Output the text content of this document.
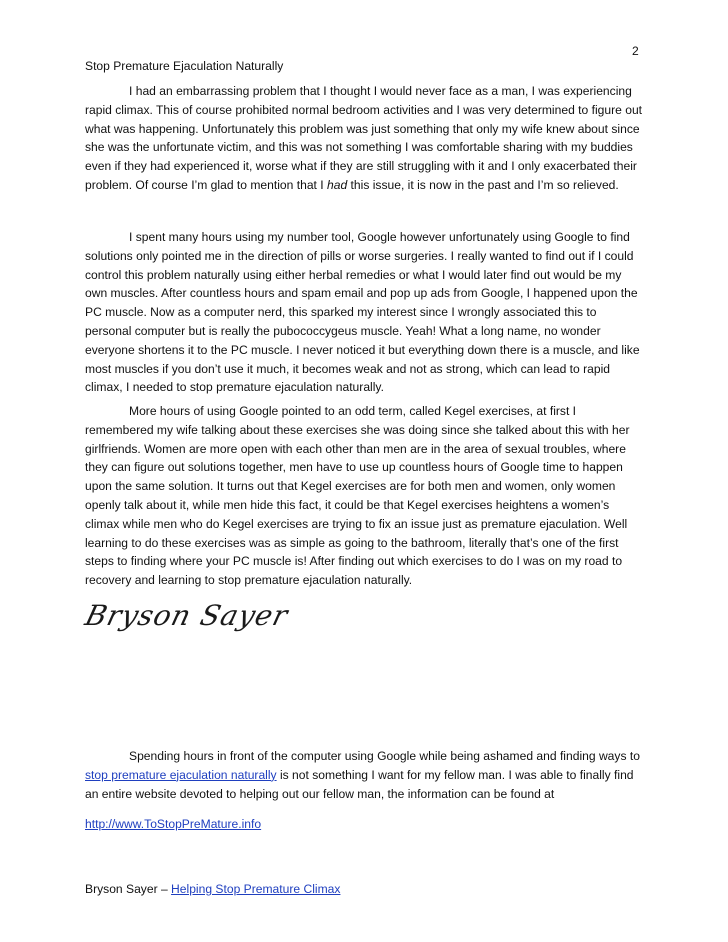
2
Stop Premature Ejaculation Naturally

I had an embarrassing problem that I thought I would never face as a man, I was experiencing rapid climax. This of course prohibited normal bedroom activities and I was very determined to figure out what was happening. Unfortunately this problem was just something that only my wife knew about since she was the unfortunate victim, and this was not something I was comfortable sharing with my buddies even if they had experienced it, worse what if they are still struggling with it and I only exacerbated their problem. Of course I’m glad to mention that I had this issue, it is now in the past and I’m so relieved.

I spent many hours using my number tool, Google however unfortunately using Google to find solutions only pointed me in the direction of pills or worse surgeries. I really wanted to find out if I could control this problem naturally using either herbal remedies or what I would later find out would be my own muscles. After countless hours and spam email and pop up ads from Google, I happened upon the PC muscle. Now as a computer nerd, this sparked my interest since I wrongly associated this to personal computer but is really the pubococcygeus muscle. Yeah! What a long name, no wonder everyone shortens it to the PC muscle. I never noticed it but everything down there is a muscle, and like most muscles if you don’t use it much, it becomes weak and not as strong, which can lead to rapid climax, I needed to stop premature ejaculation naturally.

More hours of using Google pointed to an odd term, called Kegel exercises, at first I remembered my wife talking about these exercises she was doing since she talked about this with her girlfriends. Women are more open with each other than men are in the area of sexual troubles, where they can figure out solutions together, men have to use up countless hours of Google time to happen upon the same solution. It turns out that Kegel exercises are for both men and women, only women openly talk about it, while men hide this fact, it could be that Kegel exercises heightens a women’s climax while men who do Kegel exercises are trying to fix an issue just as premature ejaculation. Well learning to do these exercises was as simple as going to the bathroom, literally that’s one of the first steps to finding where your PC muscle is! After finding out which exercises to do I was on my road to recovery and learning to stop premature ejaculation naturally.

Bryson Sayer

Spending hours in front of the computer using Google while being ashamed and finding ways to stop premature ejaculation naturally is not something I want for my fellow man. I was able to finally find an entire website devoted to helping out our fellow man, the information can be found at

http://www.ToStopPreMature.info
Bryson Sayer – Helping Stop Premature Climax
